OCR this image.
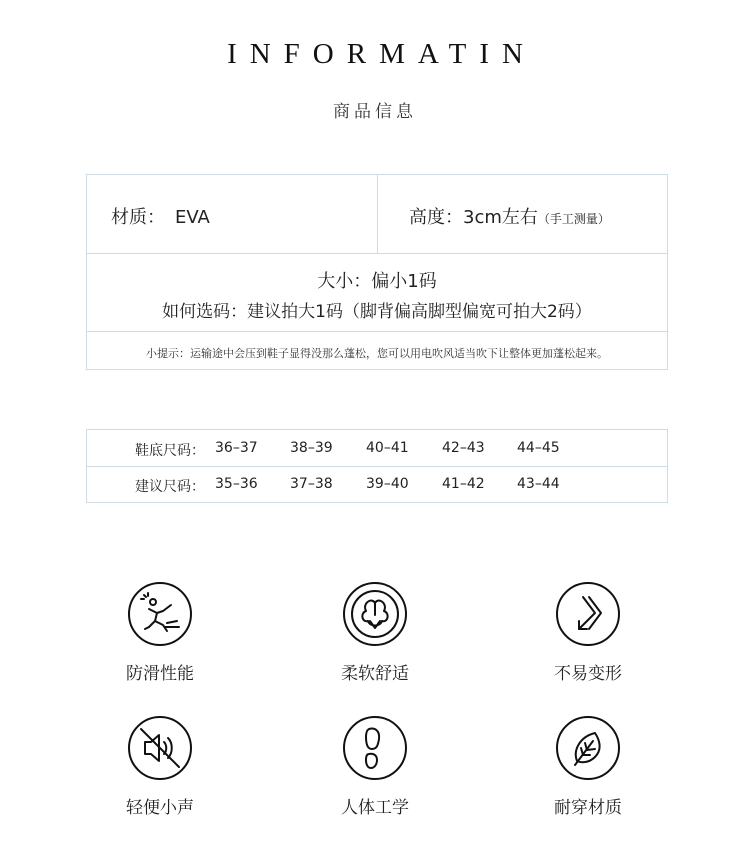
INFORMATIN
商品信息
材质： EVA	高度：3cm左右（手工测量）
大小：偏小1码
如何选码：建议拍大1码（脚背偏高脚型偏宽可拍大2码）
小提示：运输途中会压到鞋子显得没那么蓬松，您可以用电吹风适当吹下让整体更加蓬松起来。
鞋底尺码： 36–37 38–39 40–41 42–43 44–45
建议尺码： 35–36 37–38 39–40 41–42 43–44
防滑性能	柔软舒适	不易变形
轻便小声	人体工学	耐穿材质
